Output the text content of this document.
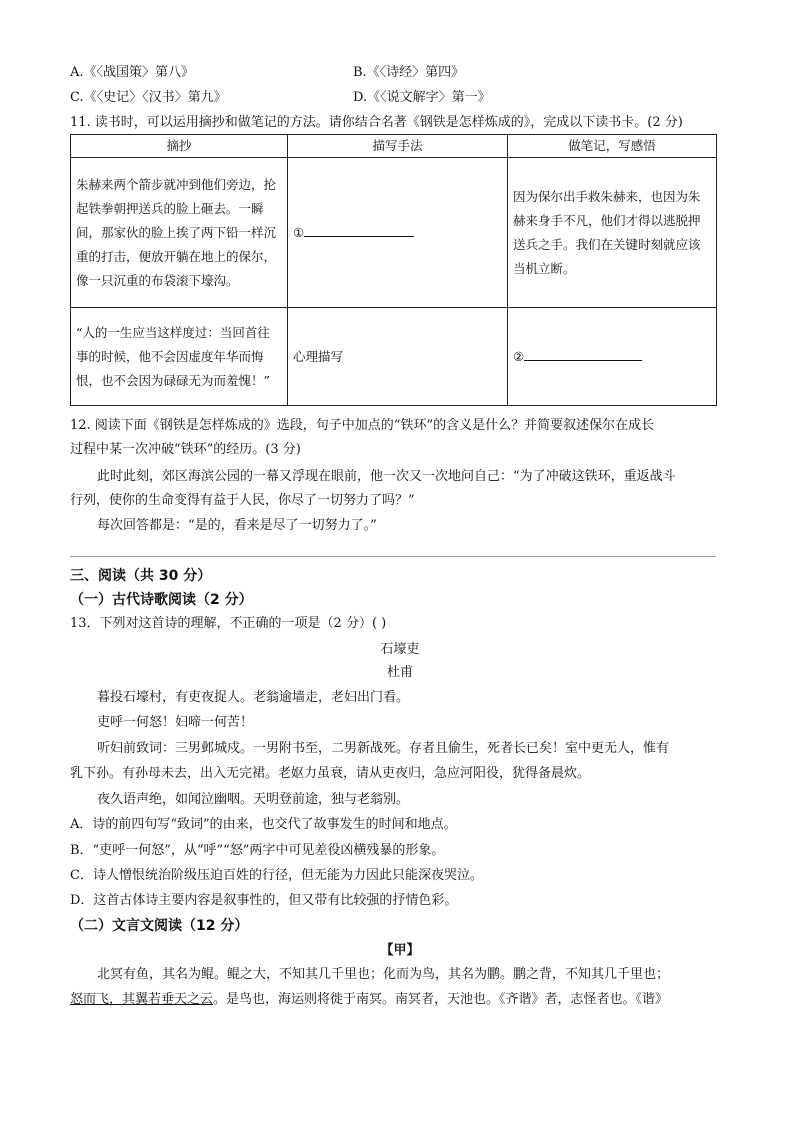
A.《〈战国策〉第八》	B.《〈诗经〉第四》
C.《〈史记〉〈汉书〉第九》	D.《〈说文解字〉第一》
11. 读书时，可以运用摘抄和做笔记的方法。请你结合名著《钢铁是怎样炼成的》，完成以下读书卡。(2 分)
摘抄	描写手法	做笔记，写感悟
朱赫来两个箭步就冲到他们旁边，抡起铁拳朝押送兵的脸上砸去。一瞬间，那家伙的脸上挨了两下铅一样沉重的打击，便放开躺在地上的保尔，像一只沉重的布袋滚下壕沟。	①	因为保尔出手救朱赫来，也因为朱赫来身手不凡，他们才得以逃脱押送兵之手。我们在关键时刻就应该当机立断。
“人的一生应当这样度过：当回首往事的时候，他不会因虚度年华而悔恨，也不会因为碌碌无为而羞愧！”	心理描写	②
12. 阅读下面《钢铁是怎样炼成的》选段，句子中加点的“铁环”的含义是什么？并简要叙述保尔在成长
过程中某一次冲破“铁环”的经历。(3 分)
此时此刻，郊区海滨公园的一幕又浮现在眼前，他一次又一次地问自己：“为了冲破这铁环，重返战斗
行列，使你的生命变得有益于人民，你尽了一切努力了吗？”
每次回答都是：“是的，看来是尽了一切努力了。”
三、阅读（共 30 分）
（一）古代诗歌阅读（2 分）
13．下列对这首诗的理解，不正确的一项是（2 分）( )
石壕吏
杜甫
暮投石壕村，有吏夜捉人。老翁逾墙走，老妇出门看。
吏呼一何怒！妇啼一何苦！
听妇前致词：三男邺城戍。一男附书至，二男新战死。存者且偷生，死者长已矣！室中更无人，惟有
乳下孙。有孙母未去，出入无完裙。老妪力虽衰，请从吏夜归，急应河阳役，犹得备晨炊。
夜久语声绝，如闻泣幽咽。天明登前途，独与老翁别。
A．诗的前四句写“致词”的由来，也交代了故事发生的时间和地点。
B．“吏呼一何怒”，从“呼”“怒”两字中可见差役凶横残暴的形象。
C．诗人憎恨统治阶级压迫百姓的行径，但无能为力因此只能深夜哭泣。
D．这首古体诗主要内容是叙事性的，但又带有比较强的抒情色彩。
（二）文言文阅读（12 分）
【甲】
北冥有鱼，其名为鲲。鲲之大，不知其几千里也；化而为鸟，其名为鹏。鹏之背，不知其几千里也；
怒而飞，其翼若垂天之云。是鸟也，海运则将徙于南冥。南冥者，天池也。《齐谐》者，志怪者也。《谐》
